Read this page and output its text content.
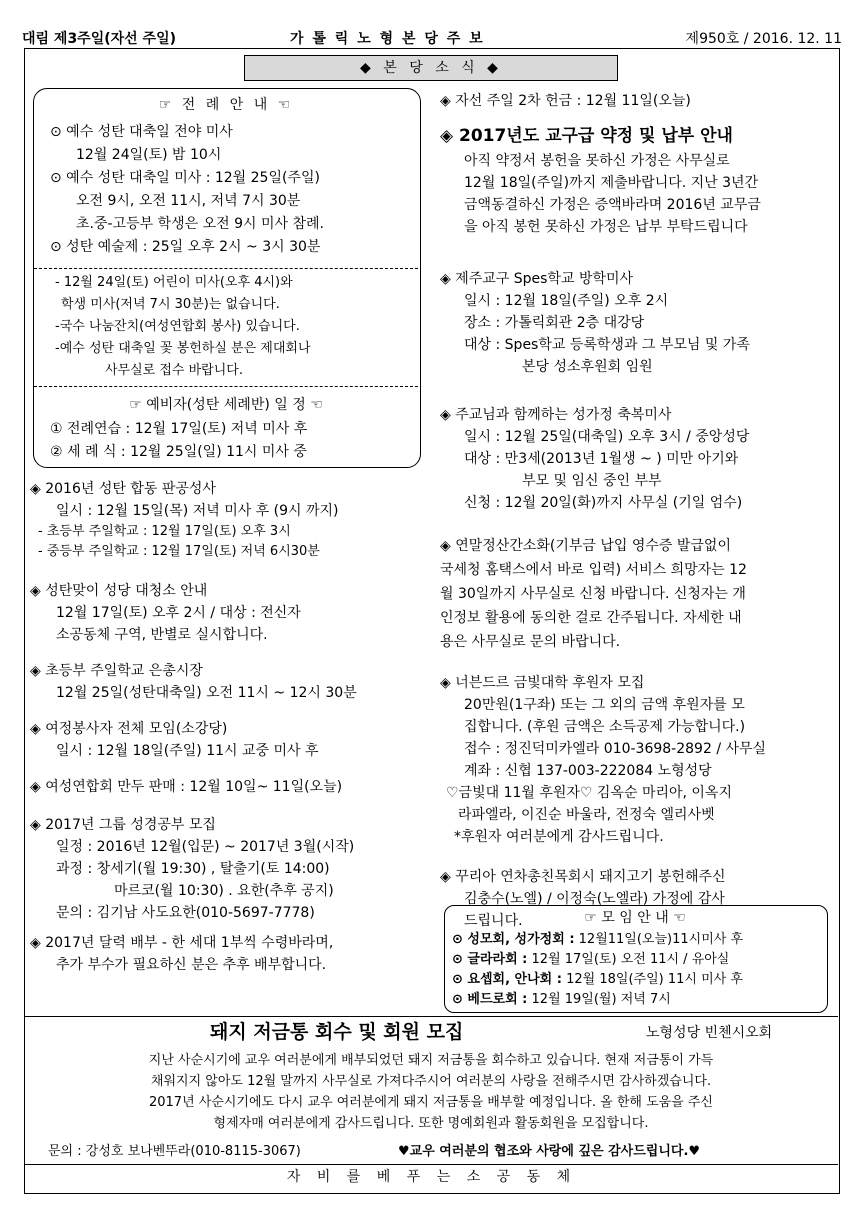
대림 제3주일(자선 주일)	가 톨 릭 노 형 본 당 주 보	제950호 / 2016. 12. 11
◆ 본 당 소 식 ◆
☞ 전 례 안 내 ☜
⊙ 예수 성탄 대축일 전야 미사
12월 24일(토) 밤 10시
⊙ 예수 성탄 대축일 미사 : 12월 25일(주일)
오전 9시, 오전 11시, 저녁 7시 30분
초.중-고등부 학생은 오전 9시 미사 참례.
⊙ 성탄 예술제 : 25일 오후 2시 ~ 3시 30분
- 12월 24일(토) 어린이 미사(오후 4시)와
학생 미사(저녁 7시 30분)는 없습니다.
-국수 나눔잔치(여성연합회 봉사) 있습니다.
-예수 성탄 대축일 꽃 봉헌하실 분은 제대회나
사무실로 접수 바랍니다.
☞ 예비자(성탄 세례반) 일 정 ☜
① 전례연습 : 12월 17일(토) 저녁 미사 후
② 세 례 식 : 12월 25일(일) 11시 미사 중
◈ 2016년 성탄 합동 판공성사
일시 : 12월 15일(목) 저녁 미사 후 (9시 까지)
- 초등부 주일학교 : 12월 17일(토) 오후 3시
- 중등부 주일학교 : 12월 17일(토) 저녁 6시30분
◈ 성탄맞이 성당 대청소 안내
12월 17일(토) 오후 2시 / 대상 : 전신자
소공동체 구역, 반별로 실시합니다.
◈ 초등부 주일학교 은총시장
12월 25일(성탄대축일) 오전 11시 ~ 12시 30분
◈ 여정봉사자 전체 모임(소강당)
일시 : 12월 18일(주일) 11시 교중 미사 후
◈ 여성연합회 만두 판매 : 12월 10일~ 11일(오늘)
◈ 2017년 그룹 성경공부 모집
일정 : 2016년 12월(입문) ~ 2017년 3월(시작)
과정 : 창세기(월 19:30) , 탈출기(토 14:00)
마르코(월 10:30) . 요한(추후 공지)
문의 : 김기남 사도요한(010-5697-7778)
◈ 2017년 달력 배부 - 한 세대 1부씩 수령바라며,
추가 부수가 필요하신 분은 추후 배부합니다.
◈ 자선 주일 2차 헌금 : 12월 11일(오늘)
◈ 2017년도 교구급 약정 및 납부 안내
아직 약정서 봉헌을 못하신 가정은 사무실로
12월 18일(주일)까지 제출바랍니다. 지난 3년간
금액동결하신 가정은 증액바라며 2016년 교무금
을 아직 봉헌 못하신 가정은 납부 부탁드립니다
◈ 제주교구 Spes학교 방학미사
일시 : 12월 18일(주일) 오후 2시
장소 : 가톨릭회관 2층 대강당
대상 : Spes학교 등록학생과 그 부모님 및 가족
본당 성소후원회 임원
◈ 주교님과 함께하는 성가정 축복미사
일시 : 12월 25일(대축일) 오후 3시 / 중앙성당
대상 : 만3세(2013년 1월생 ~ ) 미만 아기와
부모 및 임신 중인 부부
신청 : 12월 20일(화)까지 사무실 (기일 엄수)
◈ 연말정산간소화(기부금 납입 영수증 발급없이
국세청 홈택스에서 바로 입력) 서비스 희망자는 12
월 30일까지 사무실로 신청 바랍니다. 신청자는 개
인정보 활용에 동의한 걸로 간주됩니다. 자세한 내
용은 사무실로 문의 바랍니다.
◈ 너븐드르 금빛대학 후원자 모집
20만원(1구좌) 또는 그 외의 금액 후원자를 모
집합니다. (후원 금액은 소득공제 가능합니다.)
접수 : 정진덕미카엘라 010-3698-2892 / 사무실
계좌 : 신협 137-003-222084 노형성당
♡금빛대 11월 후원자♡ 김옥순 마리아, 이옥지
라파엘라, 이진순 바울라, 전정숙 엘리사벳
*후원자 여러분에게 감사드립니다.
◈ 꾸리아 연차총친목회시 돼지고기 봉헌해주신
김충수(노엘) / 이정숙(노엘라) 가정에 감사
드립니다.	☞ 모 임 안 내 ☜
⊙ 성모회, 성가정회 : 12월11일(오늘)11시미사 후
⊙ 글라라회 : 12월 17일(토) 오전 11시 / 유아실
⊙ 요셉회, 안나회 : 12월 18일(주일) 11시 미사 후
⊙ 베드로회 : 12월 19일(월) 저녁 7시
돼지 저금통 회수 및 회원 모집	노형성당 빈첸시오회
지난 사순시기에 교우 여러분에게 배부되었던 돼지 저금통을 회수하고 있습니다. 현재 저금통이 가득
채워지지 않아도 12월 말까지 사무실로 가져다주시어 여러분의 사랑을 전해주시면 감사하겠습니다.
2017년 사순시기에도 다시 교우 여러분에게 돼지 저금통을 배부할 예정입니다. 올 한해 도움을 주신
형제자매 여러분에게 감사드립니다. 또한 명예회원과 활동회원을 모집합니다.
문의 : 강성호 보나벤뚜라(010-8115-3067)	♥교우 여러분의 협조와 사랑에 깊은 감사드립니다.♥
자 비 를 베 푸 는 소 공 동 체
